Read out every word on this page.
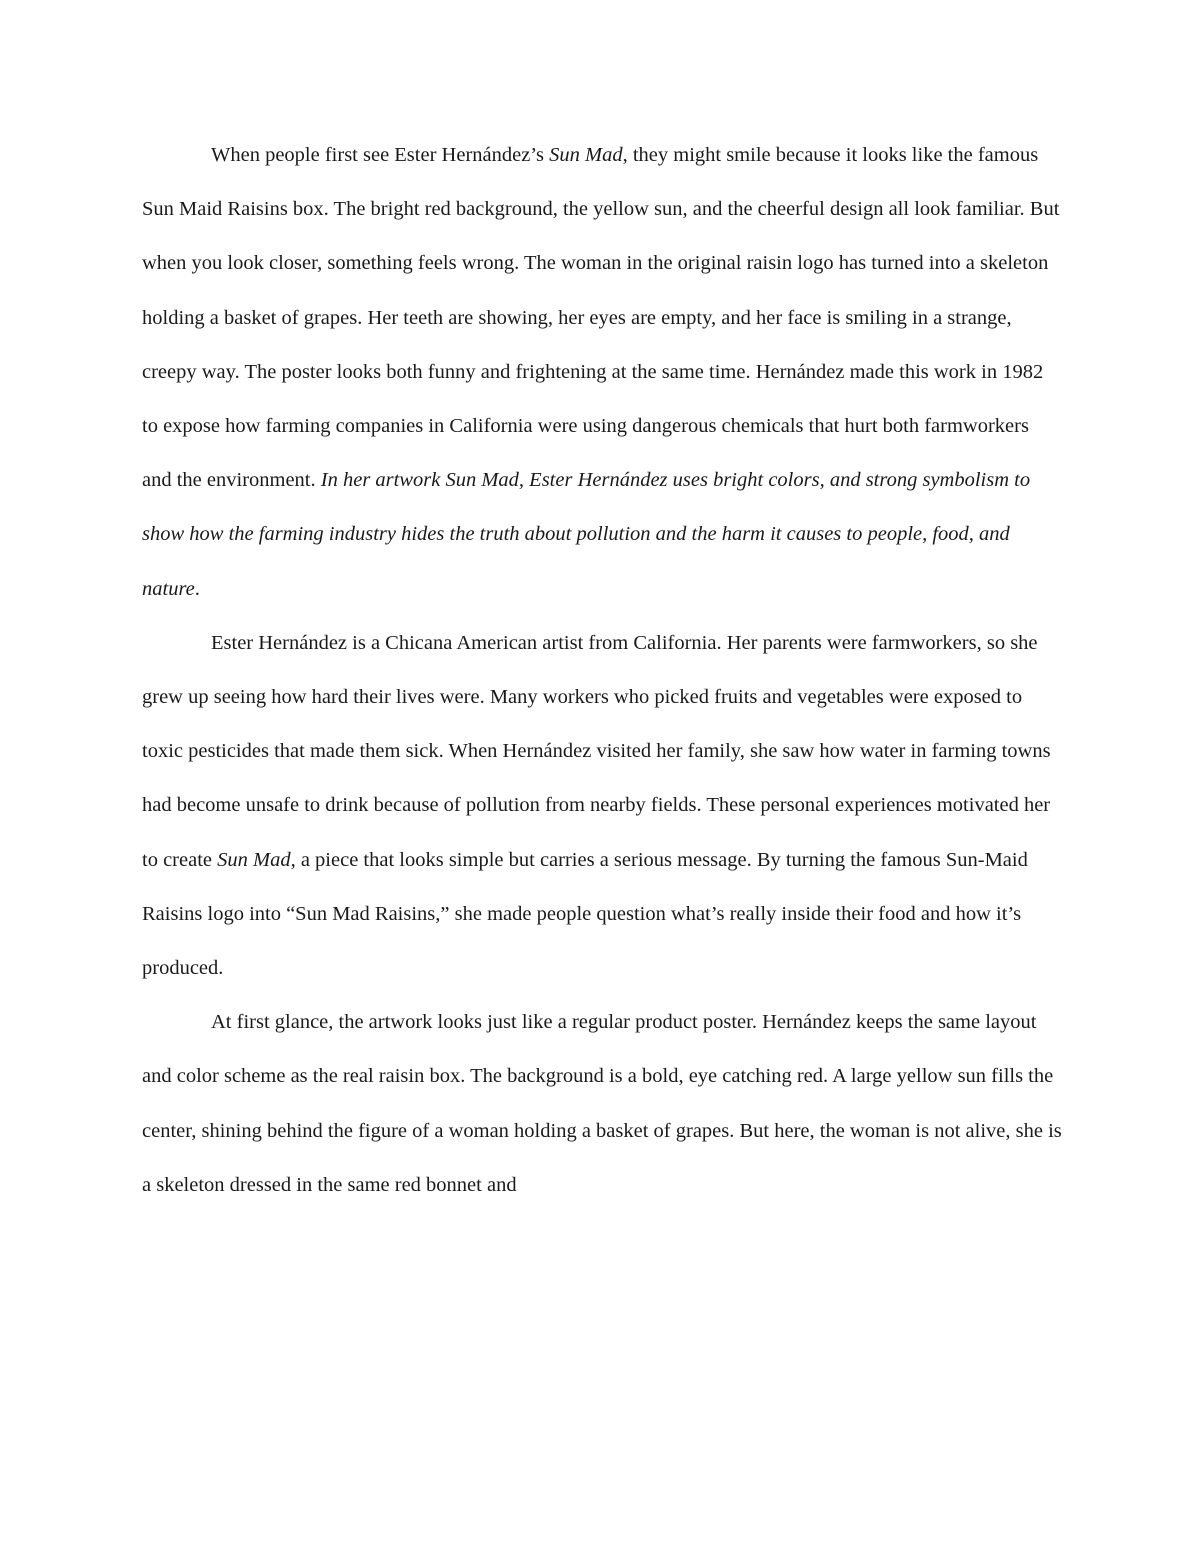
When people first see Ester Hernández’s Sun Mad, they might smile because it looks like the famous Sun Maid Raisins box. The bright red background, the yellow sun, and the cheerful design all look familiar. But when you look closer, something feels wrong. The woman in the original raisin logo has turned into a skeleton holding a basket of grapes. Her teeth are showing, her eyes are empty, and her face is smiling in a strange, creepy way. The poster looks both funny and frightening at the same time. Hernández made this work in 1982 to expose how farming companies in California were using dangerous chemicals that hurt both farmworkers and the environment. In her artwork Sun Mad, Ester Hernández uses bright colors, and strong symbolism to show how the farming industry hides the truth about pollution and the harm it causes to people, food, and nature.

Ester Hernández is a Chicana American artist from California. Her parents were farmworkers, so she grew up seeing how hard their lives were. Many workers who picked fruits and vegetables were exposed to toxic pesticides that made them sick. When Hernández visited her family, she saw how water in farming towns had become unsafe to drink because of pollution from nearby fields. These personal experiences motivated her to create Sun Mad, a piece that looks simple but carries a serious message. By turning the famous Sun-Maid Raisins logo into “Sun Mad Raisins,” she made people question what’s really inside their food and how it’s produced.

At first glance, the artwork looks just like a regular product poster. Hernández keeps the same layout and color scheme as the real raisin box. The background is a bold, eye catching red. A large yellow sun fills the center, shining behind the figure of a woman holding a basket of grapes. But here, the woman is not alive, she is a skeleton dressed in the same red bonnet and
